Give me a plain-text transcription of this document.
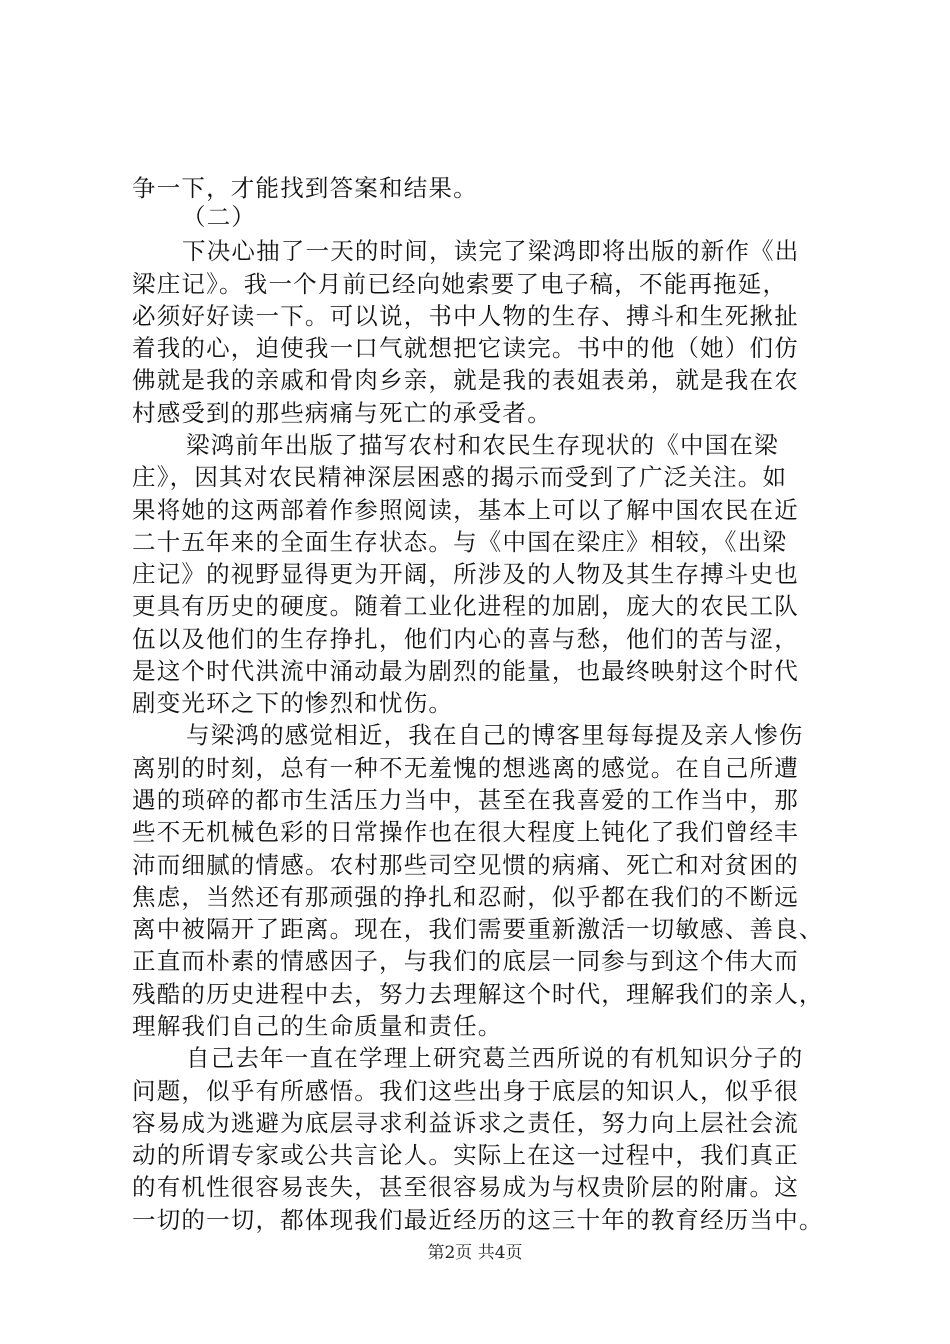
争一下，才能找到答案和结果。
（二）
下决心抽了一天的时间，读完了梁鸿即将出版的新作《出
梁庄记》。我一个月前已经向她索要了电子稿，不能再拖延，
必须好好读一下。可以说，书中人物的生存、搏斗和生死揪扯
着我的心，迫使我一口气就想把它读完。书中的他（她）们仿
佛就是我的亲戚和骨肉乡亲，就是我的表姐表弟，就是我在农
村感受到的那些病痛与死亡的承受者。
梁鸿前年出版了描写农村和农民生存现状的《中国在梁
庄》，因其对农民精神深层困惑的揭示而受到了广泛关注。如
果将她的这两部着作参照阅读，基本上可以了解中国农民在近
二十五年来的全面生存状态。与《中国在梁庄》相较，《出梁
庄记》的视野显得更为开阔，所涉及的人物及其生存搏斗史也
更具有历史的硬度。随着工业化进程的加剧，庞大的农民工队
伍以及他们的生存挣扎，他们内心的喜与愁，他们的苦与涩，
是这个时代洪流中涌动最为剧烈的能量，也最终映射这个时代
剧变光环之下的惨烈和忧伤。
与梁鸿的感觉相近，我在自己的博客里每每提及亲人惨伤
离别的时刻，总有一种不无羞愧的想逃离的感觉。在自己所遭
遇的琐碎的都市生活压力当中，甚至在我喜爱的工作当中，那
些不无机械色彩的日常操作也在很大程度上钝化了我们曾经丰
沛而细腻的情感。农村那些司空见惯的病痛、死亡和对贫困的
焦虑，当然还有那顽强的挣扎和忍耐，似乎都在我们的不断远
离中被隔开了距离。现在，我们需要重新激活一切敏感、善良、
正直而朴素的情感因子，与我们的底层一同参与到这个伟大而
残酷的历史进程中去，努力去理解这个时代，理解我们的亲人，
理解我们自己的生命质量和责任。
自己去年一直在学理上研究葛兰西所说的有机知识分子的
问题，似乎有所感悟。我们这些出身于底层的知识人，似乎很
容易成为逃避为底层寻求利益诉求之责任，努力向上层社会流
动的所谓专家或公共言论人。实际上在这一过程中，我们真正
的有机性很容易丧失，甚至很容易成为与权贵阶层的附庸。这
一切的一切，都体现我们最近经历的这三十年的教育经历当中。
第2页 共4页
